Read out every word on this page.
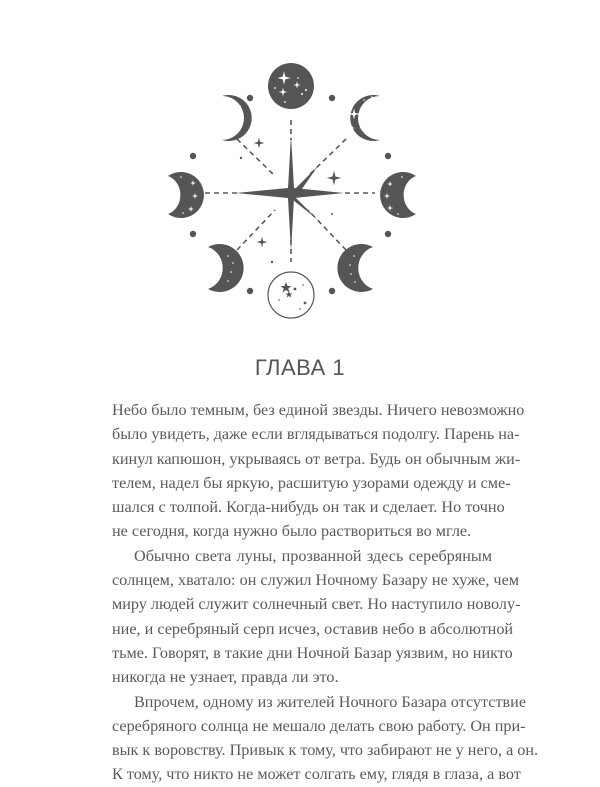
ГЛАВА 1

Небо было темным, без единой звезды. Ничего невозможно
было увидеть, даже если вглядываться подолгу. Парень на-
кинул капюшон, укрываясь от ветра. Будь он обычным жи-
телем, надел бы яркую, расшитую узорами одежду и сме-
шался с толпой. Когда-нибудь он так и сделает. Но точно
не сегодня, когда нужно было раствориться во мгле.

Обычно света луны, прозванной здесь серебряным
солнцем, хватало: он служил Ночному Базару не хуже, чем
миру людей служит солнечный свет. Но наступило новолу-
ние, и серебряный серп исчез, оставив небо в абсолютной
тьме. Говорят, в такие дни Ночной Базар уязвим, но никто
никогда не узнает, правда ли это.

Впрочем, одному из жителей Ночного Базара отсутствие
серебряного солнца не мешало делать свою работу. Он при-
вык к воровству. Привык к тому, что забирают не у него, а он.
К тому, что никто не может солгать ему, глядя в глаза, а вот
